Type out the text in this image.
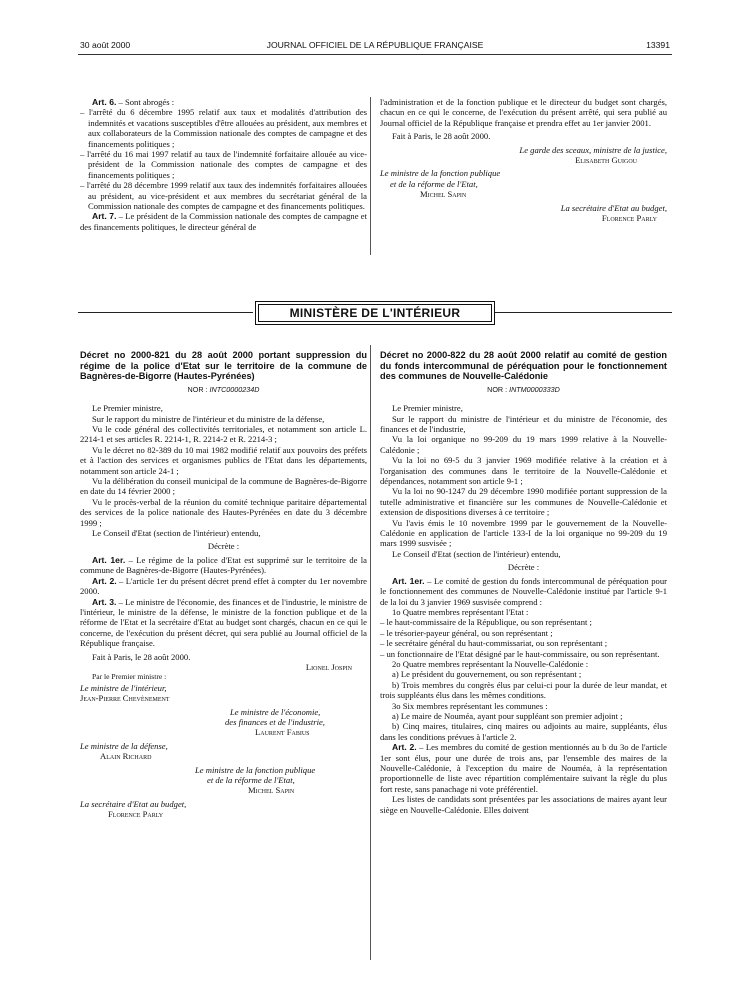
30 août 2000	JOURNAL OFFICIEL DE LA RÉPUBLIQUE FRANÇAISE	13391

Art. 6. – Sont abrogés :

– l'arrêté du 6 décembre 1995 relatif aux taux et modalités d'attribution des indemnités et vacations susceptibles d'être allouées au président, aux membres et aux collaborateurs de la Commission nationale des comptes de campagne et des financements politiques ;

– l'arrêté du 16 mai 1997 relatif au taux de l'indemnité forfaitaire allouée au vice-président de la Commission nationale des comptes de campagne et des financements politiques ;

– l'arrêté du 28 décembre 1999 relatif aux taux des indemnités forfaitaires allouées au président, au vice-président et aux membres du secrétariat général de la Commission nationale des comptes de campagne et des financements politiques.

Art. 7. – Le président de la Commission nationale des comptes de campagne et des financements politiques, le directeur général de

l'administration et de la fonction publique et le directeur du budget sont chargés, chacun en ce qui le concerne, de l'exécution du présent arrêté, qui sera publié au Journal officiel de la République française et prendra effet au 1er janvier 2001.

Fait à Paris, le 28 août 2000.

Le garde des sceaux, ministre de la justice,

Elisabeth Guigou

Le ministre de la fonction publique

et de la réforme de l'Etat,

Michel Sapin

La secrétaire d'Etat au budget,

Florence Parly

MINISTÈRE DE L'INTÉRIEUR

Décret no 2000-821 du 28 août 2000 portant suppression du régime de la police d'Etat sur le territoire de la commune de Bagnères-de-Bigorre (Hautes-Pyrénées)

NOR : INTC0000234D

Le Premier ministre,

Sur le rapport du ministre de l'intérieur et du ministre de la défense,

Vu le code général des collectivités territoriales, et notamment son article L. 2214-1 et ses articles R. 2214-1, R. 2214-2 et R. 2214-3 ;

Vu le décret no 82-389 du 10 mai 1982 modifié relatif aux pouvoirs des préfets et à l'action des services et organismes publics de l'Etat dans les départements, notamment son article 24-1 ;

Vu la délibération du conseil municipal de la commune de Bagnères-de-Bigorre en date du 14 février 2000 ;

Vu le procès-verbal de la réunion du comité technique paritaire départemental des services de la police nationale des Hautes-Pyrénées en date du 3 décembre 1999 ;

Le Conseil d'Etat (section de l'intérieur) entendu,

Décrète :

Art. 1er. – Le régime de la police d'Etat est supprimé sur le territoire de la commune de Bagnères-de-Bigorre (Hautes-Pyrénées).

Art. 2. – L'article 1er du présent décret prend effet à compter du 1er novembre 2000.

Art. 3. – Le ministre de l'économie, des finances et de l'industrie, le ministre de l'intérieur, le ministre de la défense, le ministre de la fonction publique et de la réforme de l'Etat et la secrétaire d'Etat au budget sont chargés, chacun en ce qui le concerne, de l'exécution du présent décret, qui sera publié au Journal officiel de la République française.

Fait à Paris, le 28 août 2000.

Lionel Jospin

Par le Premier ministre :

Le ministre de l'intérieur,

Jean-Pierre Chevènement

Le ministre de l'économie,

des finances et de l'industrie,

Laurent Fabius

Le ministre de la défense,

Alain Richard

Le ministre de la fonction publique

et de la réforme de l'Etat,

Michel Sapin

La secrétaire d'Etat au budget,

Florence Parly

Décret no 2000-822 du 28 août 2000 relatif au comité de gestion du fonds intercommunal de péréquation pour le fonctionnement des communes de Nouvelle-Calédonie

NOR : INTM0000333D

Le Premier ministre,

Sur le rapport du ministre de l'intérieur et du ministre de l'économie, des finances et de l'industrie,

Vu la loi organique no 99-209 du 19 mars 1999 relative à la Nouvelle-Calédonie ;

Vu la loi no 69-5 du 3 janvier 1969 modifiée relative à la création et à l'organisation des communes dans le territoire de la Nouvelle-Calédonie et dépendances, notamment son article 9-1 ;

Vu la loi no 90-1247 du 29 décembre 1990 modifiée portant suppression de la tutelle administrative et financière sur les communes de Nouvelle-Calédonie et extension de dispositions diverses à ce territoire ;

Vu l'avis émis le 10 novembre 1999 par le gouvernement de la Nouvelle-Calédonie en application de l'article 133-I de la loi organique no 99-209 du 19 mars 1999 susvisée ;

Le Conseil d'Etat (section de l'intérieur) entendu,

Décrète :

Art. 1er. – Le comité de gestion du fonds intercommunal de péréquation pour le fonctionnement des communes de Nouvelle-Calédonie institué par l'article 9-1 de la loi du 3 janvier 1969 susvisée comprend :

1o Quatre membres représentant l'Etat :

– le haut-commissaire de la République, ou son représentant ;

– le trésorier-payeur général, ou son représentant ;

– le secrétaire général du haut-commissariat, ou son représentant ;

– un fonctionnaire de l'Etat désigné par le haut-commissaire, ou son représentant.

2o Quatre membres représentant la Nouvelle-Calédonie :

a) Le président du gouvernement, ou son représentant ;

b) Trois membres du congrès élus par celui-ci pour la durée de leur mandat, et trois suppléants élus dans les mêmes conditions.

3o Six membres représentant les communes :

a) Le maire de Nouméa, ayant pour suppléant son premier adjoint ;

b) Cinq maires, titulaires, cinq maires ou adjoints au maire, suppléants, élus dans les conditions prévues à l'article 2.

Art. 2. – Les membres du comité de gestion mentionnés au b du 3o de l'article 1er sont élus, pour une durée de trois ans, par l'ensemble des maires de la Nouvelle-Calédonie, à l'exception du maire de Nouméa, à la représentation proportionnelle de liste avec répartition complémentaire suivant la règle du plus fort reste, sans panachage ni vote préférentiel.

Les listes de candidats sont présentées par les associations de maires ayant leur siège en Nouvelle-Calédonie. Elles doivent
